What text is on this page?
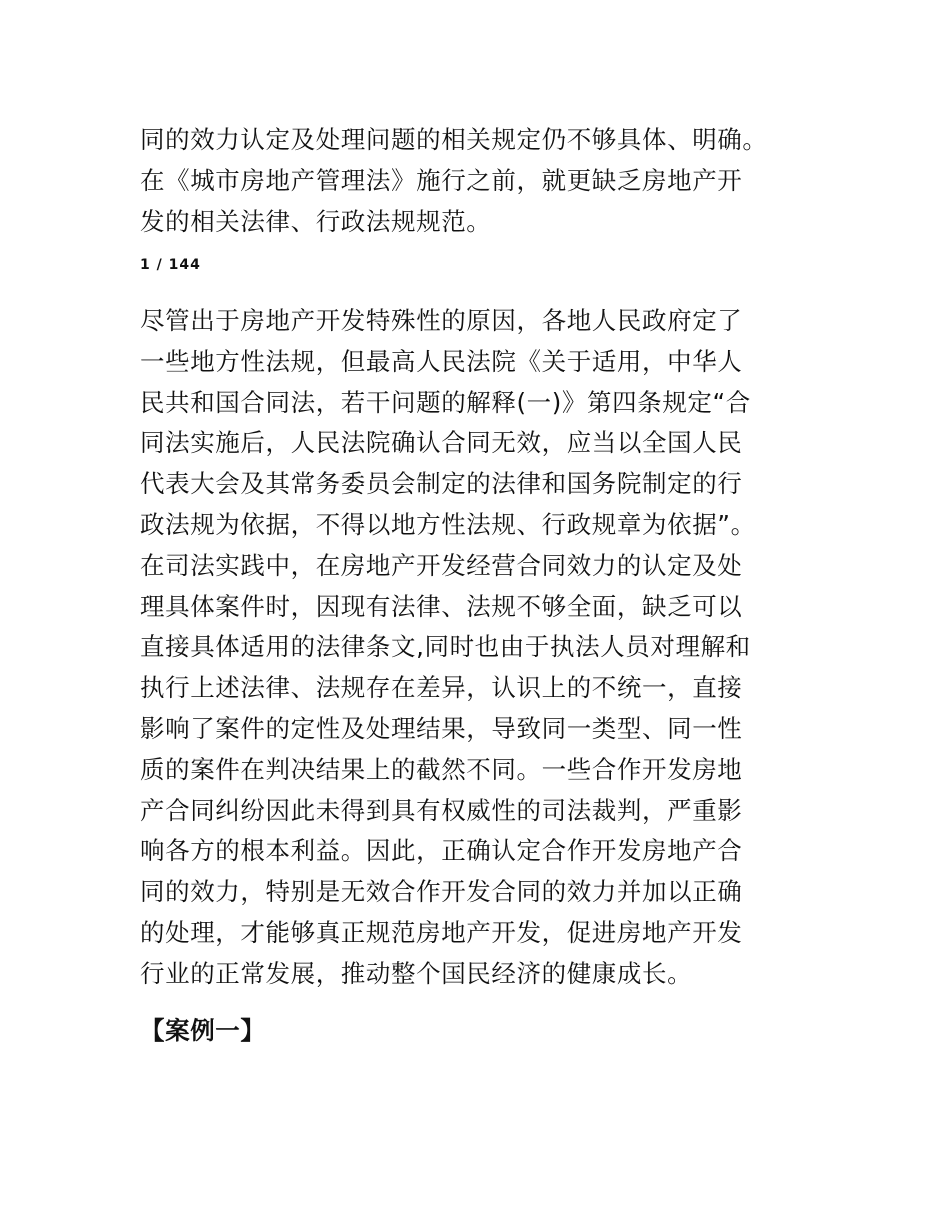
同的效力认定及处理问题的相关规定仍不够具体、明确。
在《城市房地产管理法》施行之前，就更缺乏房地产开
发的相关法律、行政法规规范。

1 / 144

尽管出于房地产开发特殊性的原因，各地人民政府定了
一些地方性法规，但最高人民法院《关于适用，中华人
民共和国合同法，若干问题的解释(一)》第四条规定“合
同法实施后，人民法院确认合同无效，应当以全国人民
代表大会及其常务委员会制定的法律和国务院制定的行
政法规为依据，不得以地方性法规、行政规章为依据”。
在司法实践中，在房地产开发经营合同效力的认定及处
理具体案件时，因现有法律、法规不够全面，缺乏可以
直接具体适用的法律条文,同时也由于执法人员对理解和
执行上述法律、法规存在差异，认识上的不统一，直接
影响了案件的定性及处理结果，导致同一类型、同一性
质的案件在判决结果上的截然不同。一些合作开发房地
产合同纠纷因此未得到具有权威性的司法裁判，严重影
响各方的根本利益。因此，正确认定合作开发房地产合
同的效力，特别是无效合作开发合同的效力并加以正确
的处理，才能够真正规范房地产开发，促进房地产开发
行业的正常发展，推动整个国民经济的健康成长。

【案例一】
